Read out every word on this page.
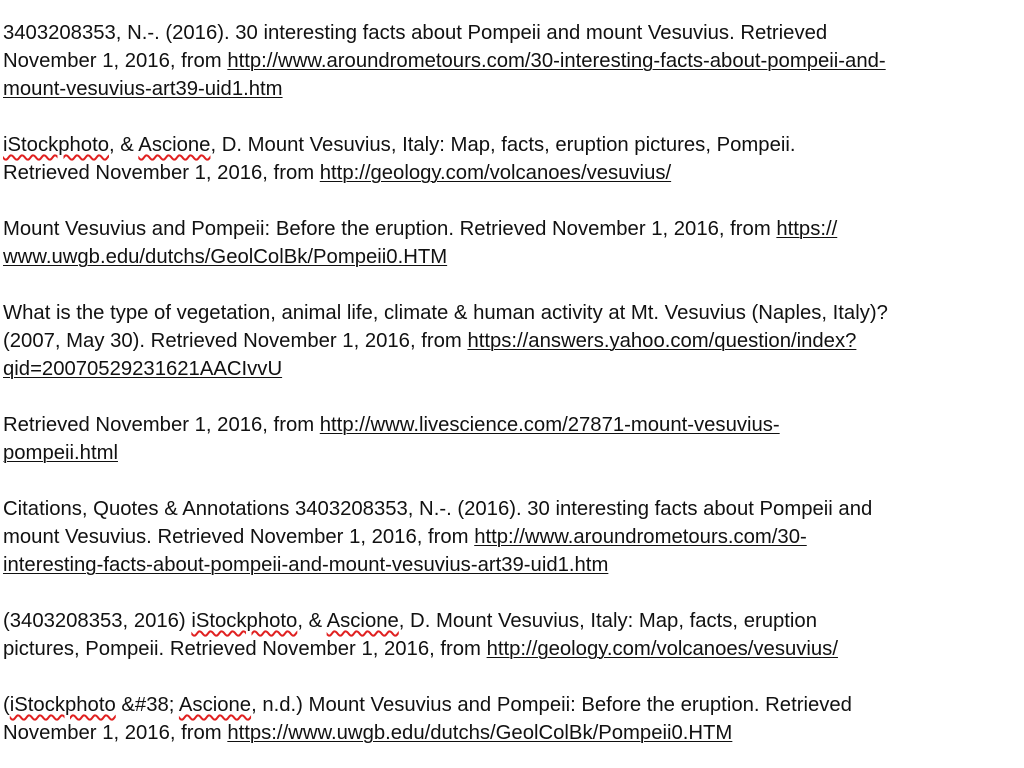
3403208353, N.-. (2016). 30 interesting facts about Pompeii and mount Vesuvius. Retrieved
November 1, 2016, from http://www.aroundrometours.com/30-interesting-facts-about-pompeii-and-
mount-vesuvius-art39-uid1.htm
iStockphoto, & Ascione, D. Mount Vesuvius, Italy: Map, facts, eruption pictures, Pompeii.
Retrieved November 1, 2016, from http://geology.com/volcanoes/vesuvius/
Mount Vesuvius and Pompeii: Before the eruption. Retrieved November 1, 2016, from https://
www.uwgb.edu/dutchs/GeolColBk/Pompeii0.HTM
What is the type of vegetation, animal life, climate & human activity at Mt. Vesuvius (Naples, Italy)?
(2007, May 30). Retrieved November 1, 2016, from https://answers.yahoo.com/question/index?
qid=20070529231621AACIvvU
Retrieved November 1, 2016, from http://www.livescience.com/27871-mount-vesuvius-
pompeii.html
Citations, Quotes & Annotations 3403208353, N.-. (2016). 30 interesting facts about Pompeii and
mount Vesuvius. Retrieved November 1, 2016, from http://www.aroundrometours.com/30-
interesting-facts-about-pompeii-and-mount-vesuvius-art39-uid1.htm
(3403208353, 2016) iStockphoto, & Ascione, D. Mount Vesuvius, Italy: Map, facts, eruption
pictures, Pompeii. Retrieved November 1, 2016, from http://geology.com/volcanoes/vesuvius/
(iStockphoto &#38; Ascione, n.d.) Mount Vesuvius and Pompeii: Before the eruption. Retrieved
November 1, 2016, from https://www.uwgb.edu/dutchs/GeolColBk/Pompeii0.HTM
